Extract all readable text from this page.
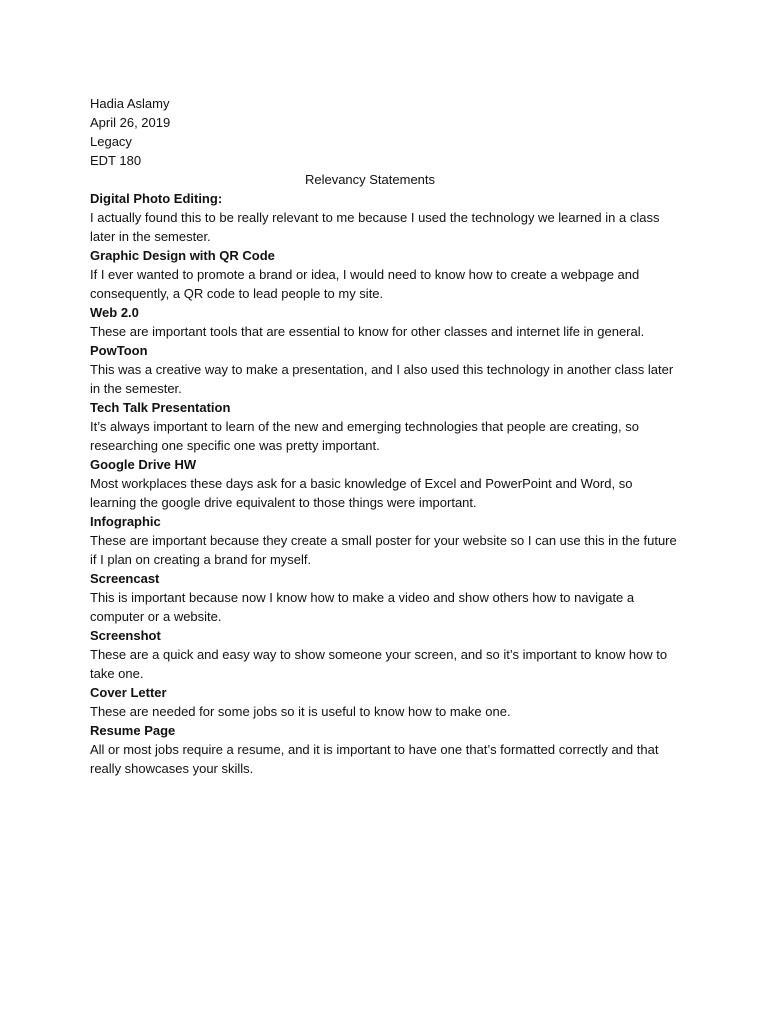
Hadia Aslamy
April 26, 2019
Legacy
EDT 180
Relevancy Statements
Digital Photo Editing:

I actually found this to be really relevant to me because I used the technology we learned in a class later in the semester.

Graphic Design with QR Code

If I ever wanted to promote a brand or idea, I would need to know how to create a webpage and consequently, a QR code to lead people to my site.

Web 2.0

These are important tools that are essential to know for other classes and internet life in general.

PowToon

This was a creative way to make a presentation, and I also used this technology in another class later in the semester.

Tech Talk Presentation

It’s always important to learn of the new and emerging technologies that people are creating, so researching one specific one was pretty important.

Google Drive HW

Most workplaces these days ask for a basic knowledge of Excel and PowerPoint and Word, so learning the google drive equivalent to those things were important.

Infographic

These are important because they create a small poster for your website so I can use this in the future if I plan on creating a brand for myself.

Screencast

This is important because now I know how to make a video and show others how to navigate a computer or a website.

Screenshot

These are a quick and easy way to show someone your screen, and so it’s important to know how to take one.

Cover Letter

These are needed for some jobs so it is useful to know how to make one.

Resume Page

All or most jobs require a resume, and it is important to have one that’s formatted correctly and that really showcases your skills.
